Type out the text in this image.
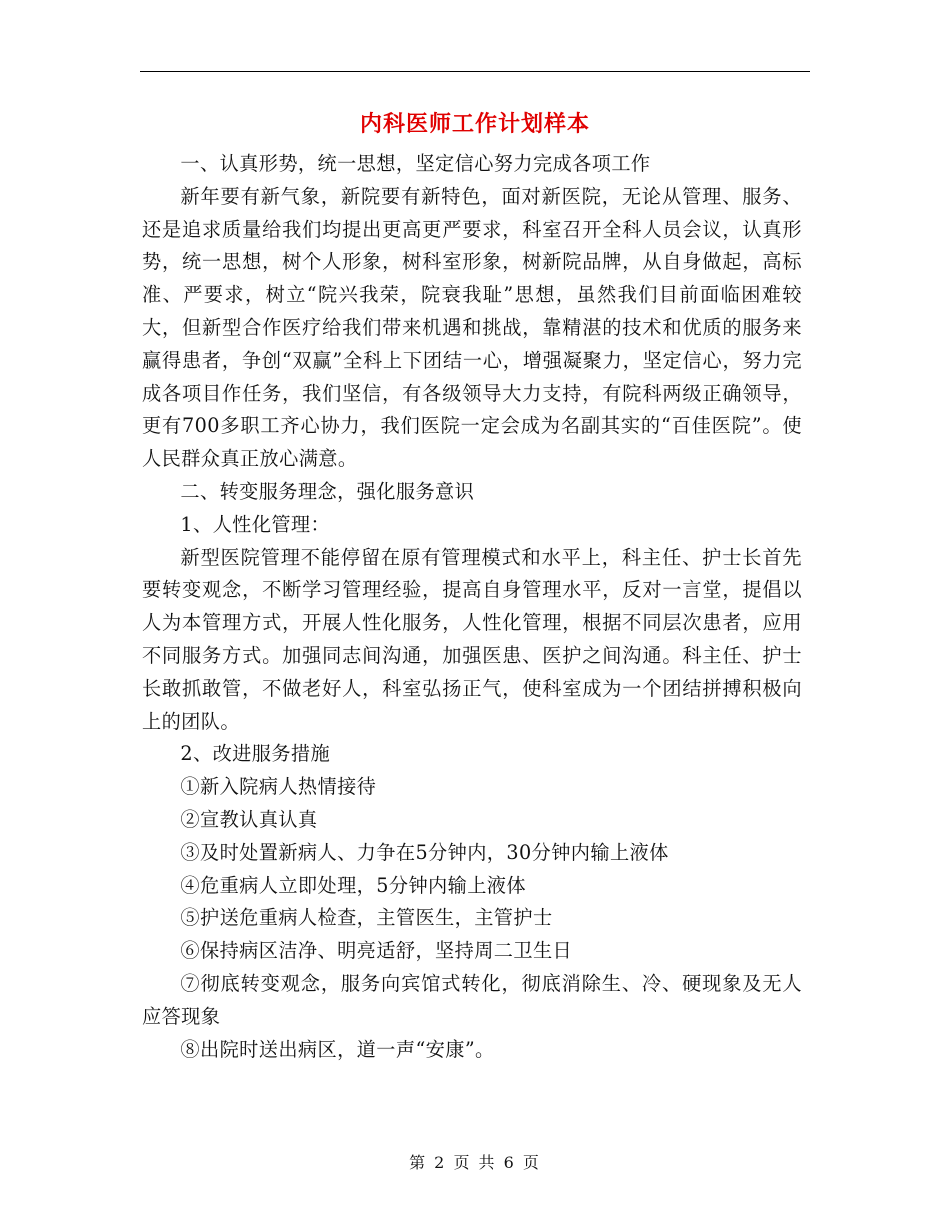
内科医师工作计划样本

一、认真形势，统一思想，坚定信心努力完成各项工作

新年要有新气象，新院要有新特色，面对新医院，无论从管理、服务、还是追求质量给我们均提出更高更严要求，科室召开全科人员会议，认真形势，统一思想，树个人形象，树科室形象，树新院品牌，从自身做起，高标准、严要求，树立“院兴我荣，院衰我耻”思想，虽然我们目前面临困难较大，但新型合作医疗给我们带来机遇和挑战，靠精湛的技术和优质的服务来赢得患者，争创“双赢”全科上下团结一心，增强凝聚力，坚定信心，努力完成各项目作任务，我们坚信，有各级领导大力支持，有院科两级正确领导，更有700多职工齐心协力，我们医院一定会成为名副其实的“百佳医院”。使人民群众真正放心满意。

二、转变服务理念，强化服务意识

1、人性化管理：

新型医院管理不能停留在原有管理模式和水平上，科主任、护士长首先要转变观念，不断学习管理经验，提高自身管理水平，反对一言堂，提倡以人为本管理方式，开展人性化服务，人性化管理，根据不同层次患者，应用不同服务方式。加强同志间沟通，加强医患、医护之间沟通。科主任、护士长敢抓敢管，不做老好人，科室弘扬正气，使科室成为一个团结拼搏积极向上的团队。

2、改进服务措施

①新入院病人热情接待

②宣教认真认真

③及时处置新病人、力争在5分钟内，30分钟内输上液体

④危重病人立即处理，5分钟内输上液体

⑤护送危重病人检查，主管医生，主管护士

⑥保持病区洁净、明亮适舒，坚持周二卫生日

⑦彻底转变观念，服务向宾馆式转化，彻底消除生、冷、硬现象及无人应答现象

⑧出院时送出病区，道一声“安康”。

第 2 页 共 6 页
